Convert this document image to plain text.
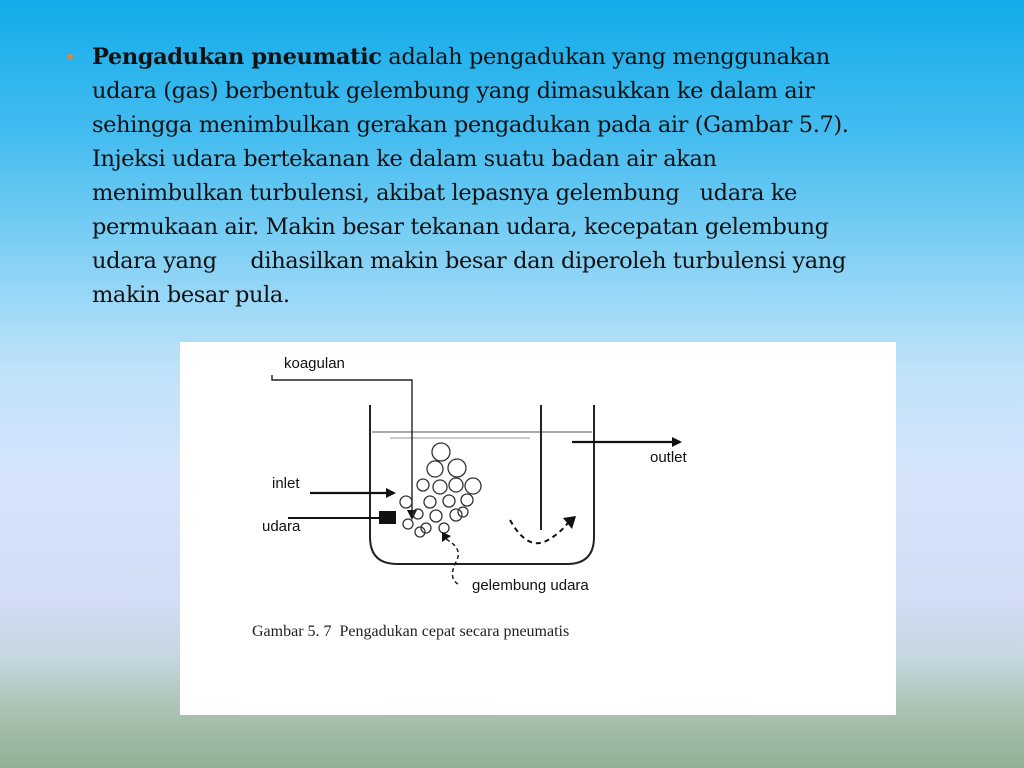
• Pengadukan pneumatic adalah pengadukan yang menggunakan
udara (gas) berbentuk gelembung yang dimasukkan ke dalam air
sehingga menimbulkan gerakan pengadukan pada air (Gambar 5.7).
Injeksi udara bertekanan ke dalam suatu badan air akan
menimbulkan turbulensi, akibat lepasnya gelembung   udara ke
permukaan air. Makin besar tekanan udara, kecepatan gelembung
udara yang     dihasilkan makin besar dan diperoleh turbulensi yang
makin besar pula.

koagulan
inlet
udara
outlet
gelembung udara
Gambar 5. 7  Pengadukan cepat secara pneumatis
